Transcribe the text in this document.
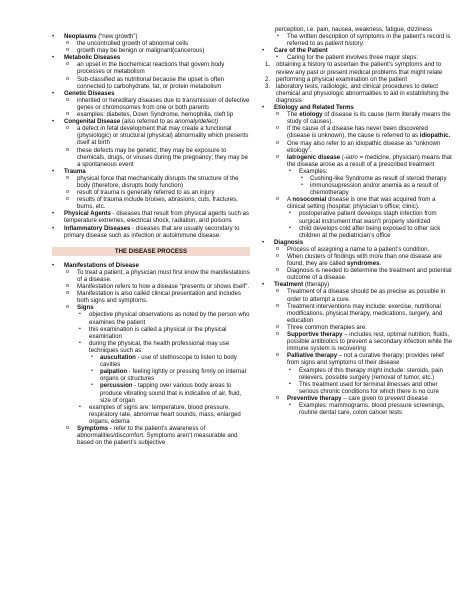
• Neoplasms (“new growth”)
o the uncontrolled growth of abnormal cells
o growth may be benign or malignant(cancerous)
• Metabolic Diseases
o an upset in the biochemical reactions that govern body processes or metabolism
o Sub-classified as nutritional because the upset is often connected to carbohydrate, fat, or protein metabolism
• Genetic Diseases
o inherited or hereditary diseases due to transmission of defective genes or chromosomes from one or both parents
o examples: diabetes, Down Syndrome, hemophilia, cleft lip
• Congenital Disease (also referred to as anomaly/defect)
o a defect in fetal development that may create a functional (physiologic) or structural (physical) abnormality which presents itself at birth
o these defects may be genetic; they may be exposure to chemicals, drugs, or viruses during the pregnancy; they may be a spontaneous event
• Trauma
o physical force that mechanically disrupts the structure of the body (therefore, disrupts body function)
o result of trauma is generally referred to as an injury
o results of trauma include bruises, abrasions, cuts, fractures, burns, etc.
• Physical Agents - diseases that result from physical agents such as temperature extremes, electrical shock, radiation, and poisons
• Inflammatory Diseases - diseases that are usually secondary to primary disease such as infection or autoimmune disease.
THE DISEASE PROCESS
• Manifestations of Disease
o To treat a patient, a physician must first know the manifestations of a disease.
o Manifestation refers to how a disease “presents or shows itself”.
o Manifestation is also called clinical presentation and includes both signs and symptoms.
o Signs
▪ objective physical observations as noted by the person who examines the patient
▪ this examination is called a physical or the physical examination
▪ during the physical, the health professional may use techniques such as:
• auscultation - use of stethoscope to listen to body cavities
• palpation - feeling lightly or pressing firmly on internal organs or structures
• percussion - tapping over various body areas to produce vibrating sound that is indicative of air, fluid, size of organ
▪ examples of signs are: temperature, blood pressure, respiratory rate, abnormal heart sounds, mass, enlarged organs, edema
o Symptoms - refer to the patient’s awareness of abnormalities/discomfort. Symptoms aren’t measurable and based on the patient’s subjective
perception, i.e. pain, nausea, weakness, fatigue, dizziness
▪ The written description of symptoms in the patient’s record is referred to as patient history.
• Care of the Patient
• Caring for the patient involves three major steps:
1. obtaining a history to ascertain the patient’s symptoms and to review any past or present medical problems that might relate
2. performing a physical examination on the patient
3. laboratory tests, radiologic, and clinical procedures to detect chemical and physiologic abnormalities to aid in establishing the diagnosis
• Etiology and Related Terms
o The etiology of disease is its cause (term literally means the study of causes).
o If the cause of a disease has never been discovered (disease is unknown), the cause is referred to as idiopathic.
o One may also refer to an idiopathic disease as “unknown etiology”.
o Iatrogenic disease (-iatro = medicine, physician) means that the disease arose as a result of a prescribed treatment
▪ Examples:
• Cushing-like Syndrome as result of steroid therapy
• immunosupression and/or anemia as a result of chemotherapy
o A nosocomial disease is one that was acquired from a clinical setting (hospital; physician’s office; clinic).
▪ postoperative patient develops staph infection from surgical instrument that wasn’t properly sterilized
▪ child develops cold after being exposed to other sick children at the pediatrician’s office
• Diagnosis
o Process of assigning a name to a patient’s condition.
o When clusters of findings with more than one disease are found, they are called syndromes.
o Diagnosis is needed to determine the treatment and potential outcome of a disease.
• Treatment (therapy)
o Treatment of a disease should be as precise as possible in order to attempt a cure.
o Treatment interventions may include: exercise, nutritional modifications, physical therapy, medications, surgery, and education
o Three common therapies are:
o Supportive therapy – includes rest, optimal nutrition, fluids, possible antibiotics to prevent a secondary infection while the immune system is recovering
o Palliative therapy – not a curative therapy; provides relief from signs and symptoms of their disease
▪ Examples of this therapy might include: steroids, pain relievers, possible surgery (removal of tumor, etc.)
▪ This treatment used for terminal illnesses and other serious chronic conditions for which there is no cure
o Preventive therapy – care given to prevent disease
▪ Examples: mammograms, blood pressure screenings, routine dental care, colon cancer tests
